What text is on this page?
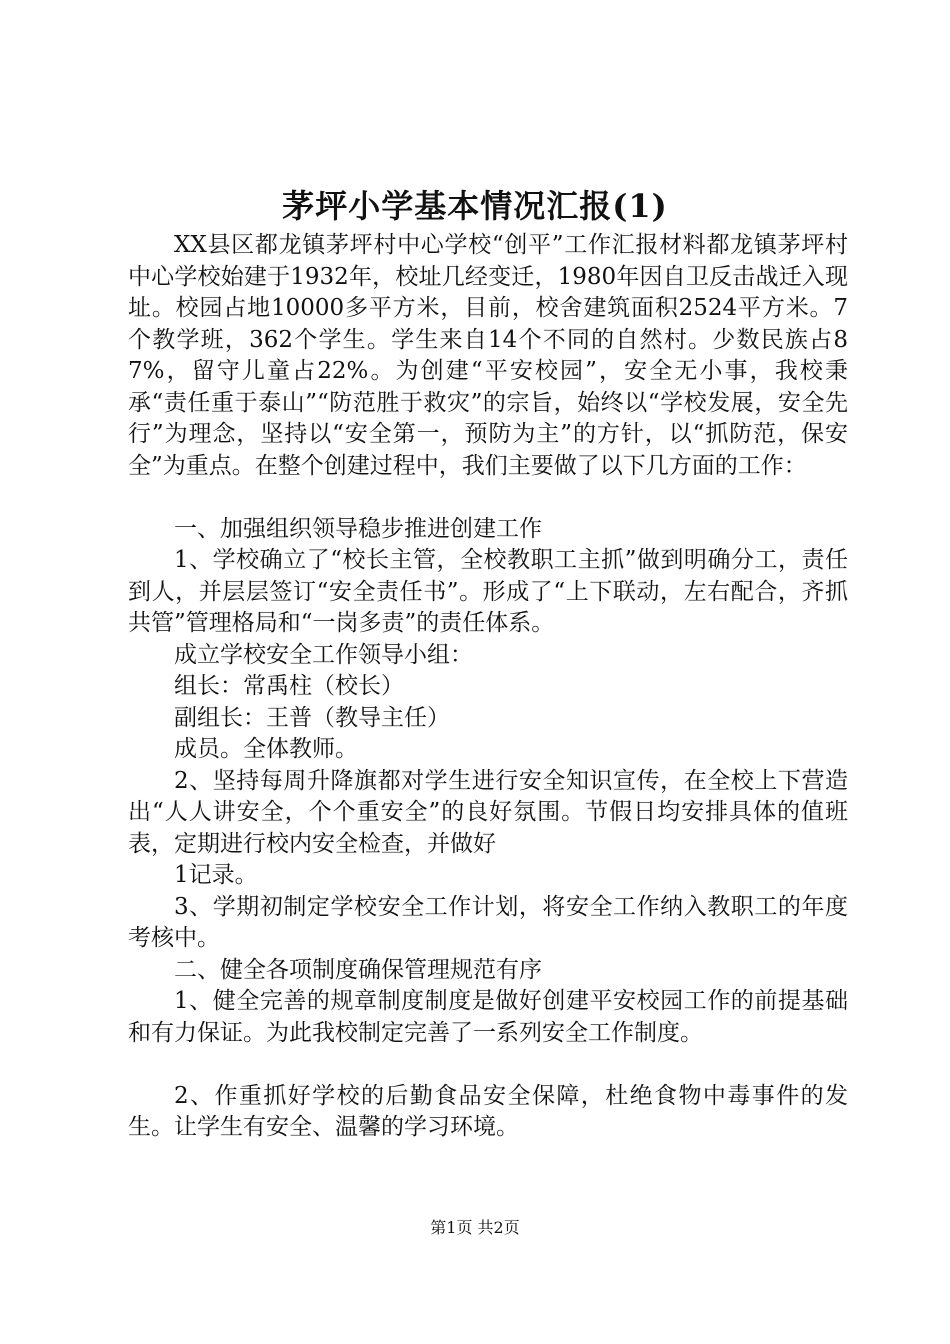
茅坪小学基本情况汇报(1)

XX县区都龙镇茅坪村中心学校“创平”工作汇报材料都龙镇茅坪村中心学校始建于1932年，校址几经变迁，1980年因自卫反击战迁入现址。校园占地10000多平方米，目前，校舍建筑面积2524平方米。7个教学班，362个学生。学生来自14个不同的自然村。少数民族占87%，留守儿童占22%。为创建“平安校园”，安全无小事，我校秉承“责任重于泰山”“防范胜于救灾”的宗旨，始终以“学校发展，安全先行”为理念，坚持以“安全第一，预防为主”的方针，以“抓防范，保安全”为重点。在整个创建过程中，我们主要做了以下几方面的工作：

一、加强组织领导稳步推进创建工作

1、学校确立了“校长主管，全校教职工主抓”做到明确分工，责任到人，并层层签订“安全责任书”。形成了“上下联动，左右配合，齐抓共管”管理格局和“一岗多责”的责任体系。

成立学校安全工作领导小组：

组长：常禹柱（校长）

副组长：王普（教导主任）

成员。全体教师。

2、坚持每周升降旗都对学生进行安全知识宣传，在全校上下营造出“人人讲安全，个个重安全”的良好氛围。节假日均安排具体的值班表，定期进行校内安全检查，并做好

1记录。

3、学期初制定学校安全工作计划，将安全工作纳入教职工的年度考核中。

二、健全各项制度确保管理规范有序

1、健全完善的规章制度制度是做好创建平安校园工作的前提基础和有力保证。为此我校制定完善了一系列安全工作制度。

2、作重抓好学校的后勤食品安全保障，杜绝食物中毒事件的发生。让学生有安全、温馨的学习环境。

第1页 共2页
